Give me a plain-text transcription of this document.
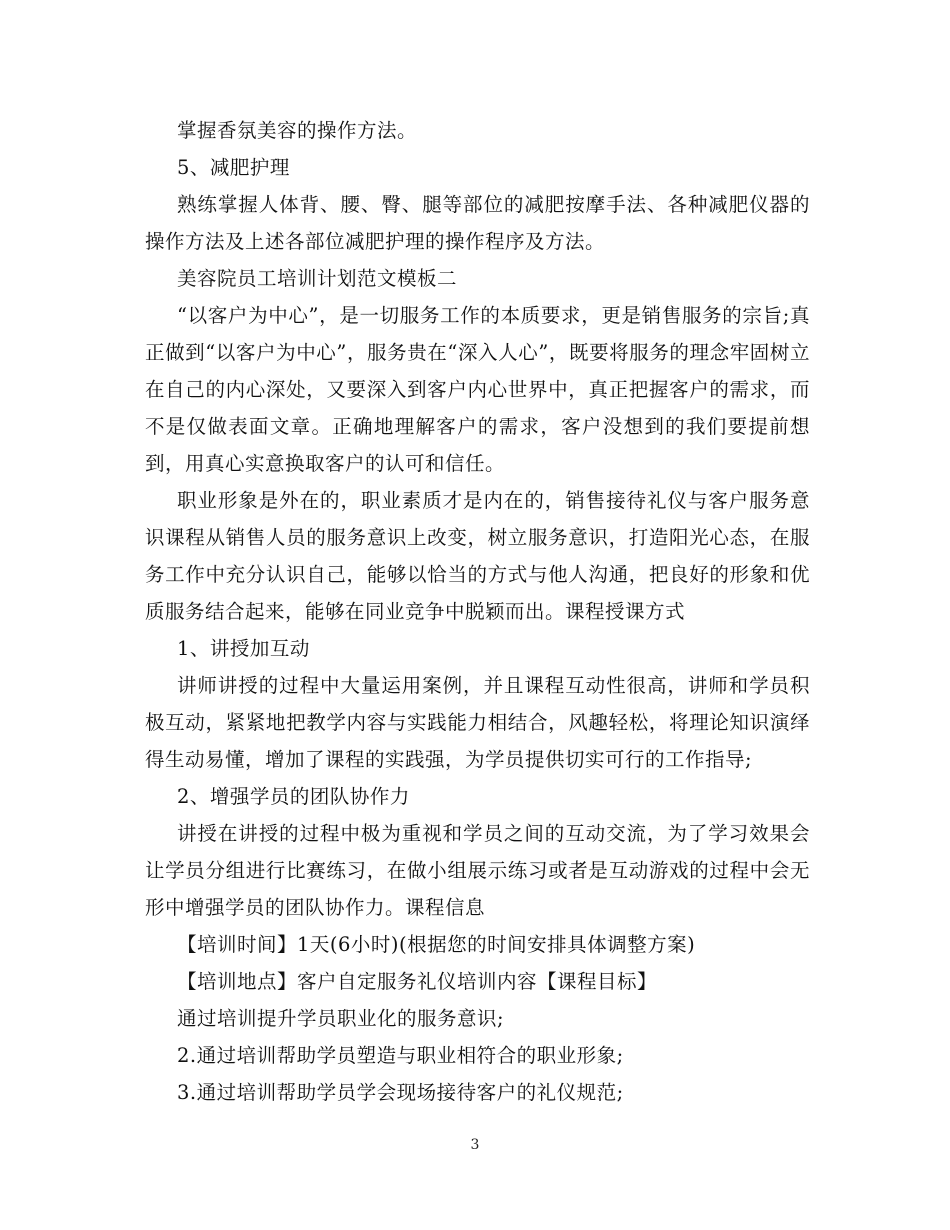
掌握香氛美容的操作方法。

5、减肥护理

熟练掌握人体背、腰、臀、腿等部位的减肥按摩手法、各种减肥仪器的操作方法及上述各部位减肥护理的操作程序及方法。

美容院员工培训计划范文模板二

“以客户为中心”，是一切服务工作的本质要求，更是销售服务的宗旨;真正做到“以客户为中心”，服务贵在“深入人心”，既要将服务的理念牢固树立在自己的内心深处，又要深入到客户内心世界中，真正把握客户的需求，而不是仅做表面文章。正确地理解客户的需求，客户没想到的我们要提前想到，用真心实意换取客户的认可和信任。

职业形象是外在的，职业素质才是内在的，销售接待礼仪与客户服务意识课程从销售人员的服务意识上改变，树立服务意识，打造阳光心态，在服务工作中充分认识自己，能够以恰当的方式与他人沟通，把良好的形象和优质服务结合起来，能够在同业竞争中脱颖而出。课程授课方式

1、讲授加互动

讲师讲授的过程中大量运用案例，并且课程互动性很高，讲师和学员积极互动，紧紧地把教学内容与实践能力相结合，风趣轻松，将理论知识演绎得生动易懂，增加了课程的实践强，为学员提供切实可行的工作指导;

2、增强学员的团队协作力

讲授在讲授的过程中极为重视和学员之间的互动交流，为了学习效果会让学员分组进行比赛练习，在做小组展示练习或者是互动游戏的过程中会无形中增强学员的团队协作力。课程信息

【培训时间】1天(6小时)(根据您的时间安排具体调整方案)

【培训地点】客户自定服务礼仪培训内容【课程目标】

通过培训提升学员职业化的服务意识;

2.通过培训帮助学员塑造与职业相符合的职业形象;

3.通过培训帮助学员学会现场接待客户的礼仪规范;

3
